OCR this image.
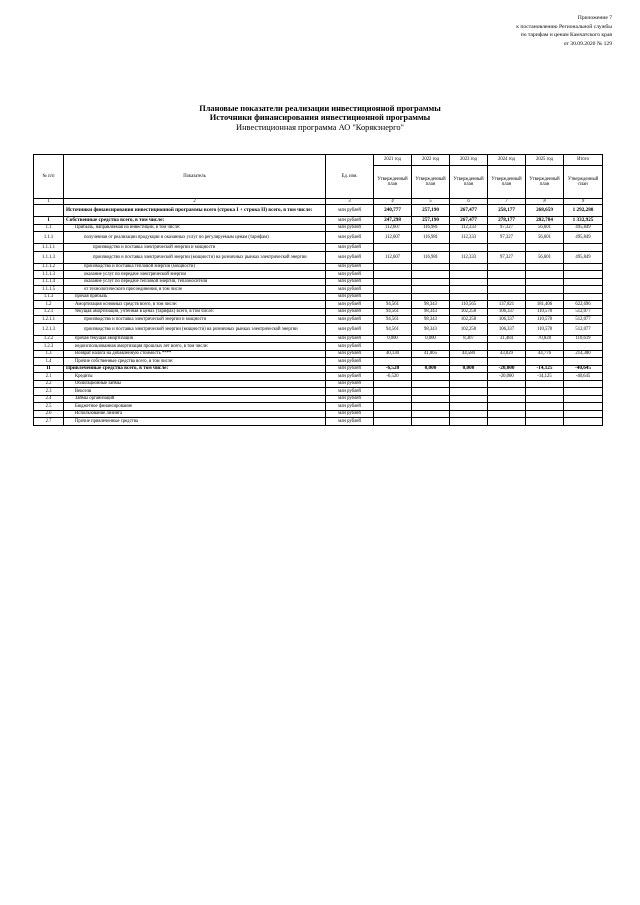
Приложение 7
к постановлению Региональной службы
по тарифам и ценам Камчатского края
от 30.09.2020 № 129
Плановые показатели реализации инвестиционной программы
Источники финансирования инвестиционной программы
Инвестиционная программа АО "Корякэнерго"
№ п/п	Показатель	Ед. изм.	2021 год	2022 год	2023 год	2024 год	2025 год	Итого
			Утвержденный план	Утвержденный план	Утвержденный план	Утвержденный план	Утвержденный план	Утвержденный план
1	2	3	4	5	6	7	8	9
	Источники финансирования инвестиционной программы всего (строка I + строка II) всего, в том числе:	млн рублей	240,777	257,190	267,477	258,177	268,659	1 292,280
I	Собственные средства всего, в том числе:	млн рублей	247,298	257,190	267,477	278,177	282,784	1 332,925
1.1	Прибыль, направляемая на инвестиции, в том числе:	млн рублей	112,607	116,981	112,333	97,327	56,601	495,849
1.1.1	полученная от реализации продукции и оказанных услуг по регулируемым ценам (тарифам)	млн рублей	112,607	116,981	112,333	97,327	56,601	495,849
1.1.1.1	производство и поставка электрической энергии и мощности	млн рублей						
1.1.1.3	производство и поставка электрической энергии (мощности) на розничных рынках электрической энергии	млн рублей	112,607	116,981	112,333	97,327	56,601	495,849
1.1.1.2	производство и поставка тепловой энергии (мощности)	млн рублей						
1.1.1.3	оказание услуг по передаче электрической энергии	млн рублей						
1.1.1.4	оказание услуг по передаче тепловой энергии, теплоносителя	млн рублей						
1.1.1.5	от технологического присоединения, в том числе	млн рублей						
1.1.3	прочая прибыль	млн рублей						
1.2	Амортизация основных средств всего, в том числе:	млн рублей	94,561	98,343	110,565	137,821	181,406	622,696
1.2.1	текущая амортизация, учтенная в ценах (тарифах) всего, в том числе:	млн рублей	94,561	98,343	102,258	106,337	110,578	512,077
1.2.1.1	производство и поставка электрической энергии и мощности	млн рублей	94,561	98,343	102,258	106,337	110,578	512,077
1.2.1.3	производство и поставка электрической энергии (мощности) на розничных рынках электрической энергии	млн рублей	94,561	98,343	102,258	106,337	110,578	512,077
1.2.2	прочая текущая амортизация	млн рублей	0,000	0,000	8,307	31,484	70,828	110,619
1.2.3	недоиспользованная амортизация прошлых лет всего, в том числе:	млн рублей						
1.3	Возврат налога на добавленную стоимость ****	млн рублей	40,130	41,865	44,580	43,029	44,776	214,380
1.4	Прочие собственные средства всего, в том числе:	млн рублей						
II	Привлеченные средства всего, в том числе:	млн рублей	-6,520	0,000	0,000	-20,000	-14,125	-40,645
2.1	Кредиты	млн рублей	-6,520			-20,000	-14,125	-40,645
2.2	Облигационные займы	млн рублей						
2.3	Векселя	млн рублей						
2.4	Займы организаций	млн рублей						
2.5	Бюджетное финансирование	млн рублей						
2.6	Использование лизинга	млн рублей						
2.7	Прочие привлеченные средства	млн рублей						
